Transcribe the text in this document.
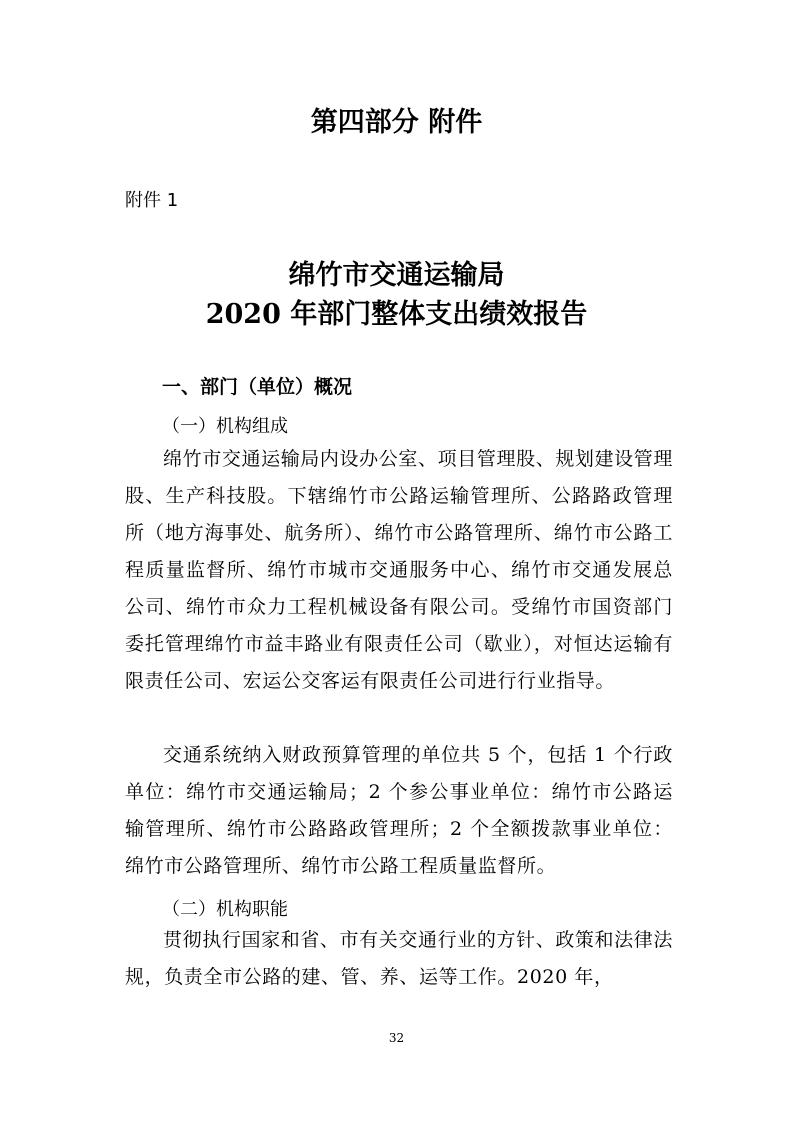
第四部分 附件
附件 1
绵竹市交通运输局
2020 年部门整体支出绩效报告
一、部门（单位）概况
（一）机构组成

绵竹市交通运输局内设办公室、项目管理股、规划建设管理股、生产科技股。下辖绵竹市公路运输管理所、公路路政管理所（地方海事处、航务所）、绵竹市公路管理所、绵竹市公路工程质量监督所、绵竹市城市交通服务中心、绵竹市交通发展总公司、绵竹市众力工程机械设备有限公司。受绵竹市国资部门委托管理绵竹市益丰路业有限责任公司（歇业），对恒达运输有限责任公司、宏运公交客运有限责任公司进行行业指导。

交通系统纳入财政预算管理的单位共 5 个，包括 1 个行政单位：绵竹市交通运输局；2 个参公事业单位：绵竹市公路运输管理所、绵竹市公路路政管理所；2 个全额拨款事业单位：绵竹市公路管理所、绵竹市公路工程质量监督所。

（二）机构职能

贯彻执行国家和省、市有关交通行业的方针、政策和法律法规，负责全市公路的建、管、养、运等工作。2020 年，

32
